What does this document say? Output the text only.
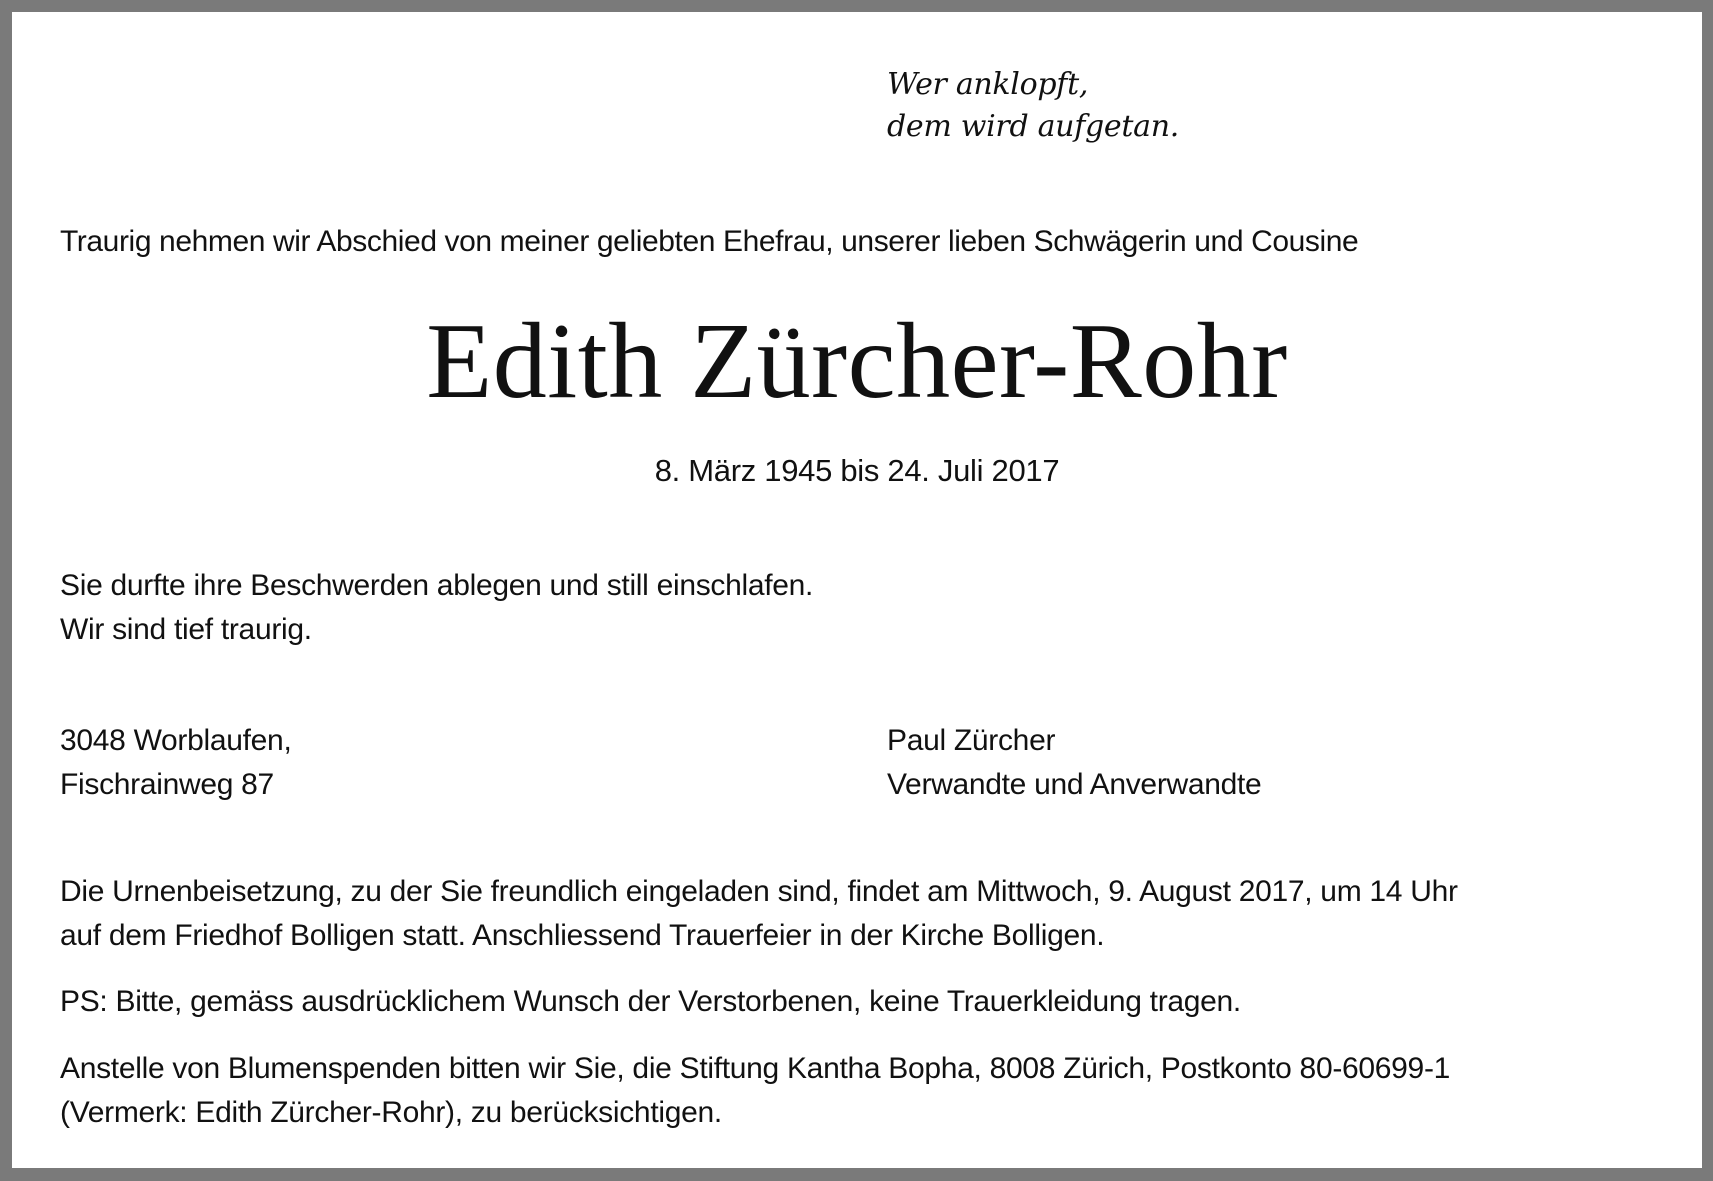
Wer anklopft,
dem wird aufgetan.
Traurig nehmen wir Abschied von meiner geliebten Ehefrau, unserer lieben Schwägerin und Cousine
Edith Zürcher-Rohr
8. März 1945 bis 24. Juli 2017
Sie durfte ihre Beschwerden ablegen und still einschlafen.
Wir sind tief traurig.
3048 Worblaufen,
Fischrainweg 87
Paul Zürcher
Verwandte und Anverwandte
Die Urnenbeisetzung, zu der Sie freundlich eingeladen sind, findet am Mittwoch, 9. August 2017, um 14 Uhr
auf dem Friedhof Bolligen statt. Anschliessend Trauerfeier in der Kirche Bolligen.
PS: Bitte, gemäss ausdrücklichem Wunsch der Verstorbenen, keine Trauerkleidung tragen.
Anstelle von Blumenspenden bitten wir Sie, die Stiftung Kantha Bopha, 8008 Zürich, Postkonto 80-60699-1
(Vermerk: Edith Zürcher-Rohr), zu berücksichtigen.
